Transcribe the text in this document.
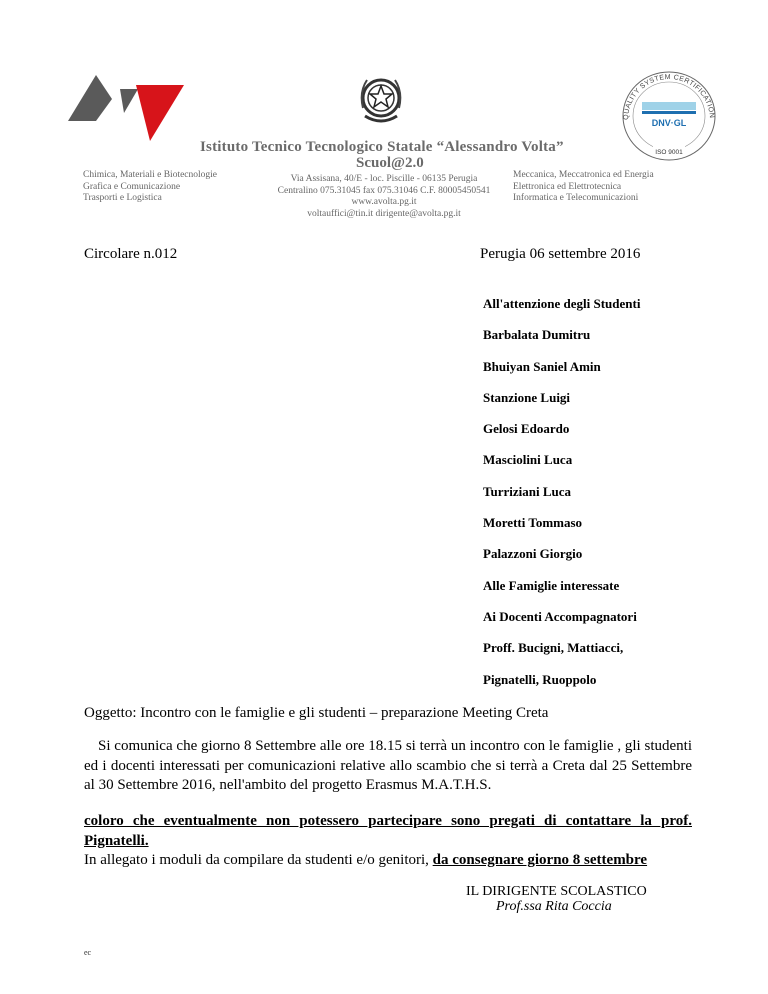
QUALITY SYSTEM CERTIFICATION
DNV·GL
ISO 9001
Istituto Tecnico Tecnologico Statale “Alessandro Volta”
Scuol@2.0
Chimica, Materiali e Biotecnologie
Grafica e Comunicazione
Trasporti e Logistica
Via Assisana, 40/E - loc. Piscille - 06135 Perugia
Centralino 075.31045 fax 075.31046 C.F. 80005450541
www.avolta.pg.it
voltauffici@tin.it dirigente@avolta.pg.it
Meccanica, Meccatronica ed Energia
Elettronica ed Elettrotecnica
Informatica e Telecomunicazioni
Circolare n.012	Perugia 06 settembre 2016
All'attenzione degli Studenti
Barbalata Dumitru
Bhuiyan Saniel Amin
Stanzione Luigi
Gelosi Edoardo
Masciolini Luca
Turriziani Luca
Moretti Tommaso
Palazzoni Giorgio
Alle Famiglie interessate
Ai Docenti Accompagnatori
Proff. Bucigni, Mattiacci,
Pignatelli, Ruoppolo
Oggetto: Incontro con le famiglie e gli studenti – preparazione Meeting Creta
Si comunica che giorno 8 Settembre alle ore 18.15 si terrà un incontro con le famiglie , gli studenti ed i docenti interessati per comunicazioni relative allo scambio che si terrà a Creta dal 25 Settembre al 30 Settembre 2016, nell'ambito del progetto Erasmus M.A.T.H.S.
coloro che eventualmente non potessero partecipare sono pregati di contattare la prof. Pignatelli.
In allegato i moduli da compilare da studenti e/o genitori, da consegnare giorno 8 settembre
IL DIRIGENTE SCOLASTICO
Prof.ssa Rita Coccia
ec
